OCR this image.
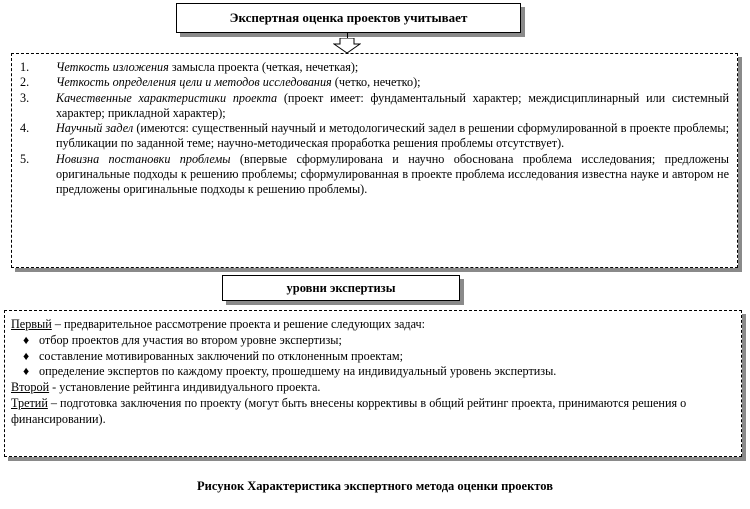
Экспертная оценка проектов учитывает
1.	Четкость изложения замысла проекта (четкая, нечеткая);
2.	Четкость определения цели и методов исследования (четко, нечетко);
3.	Качественные характеристики проекта (проект имеет: фундаментальный характер; междисциплинарный или системный характер; прикладной характер);
4.	Научный задел (имеются: существенный научный и методологический задел в решении сформулированной в проекте проблемы; публикации по заданной теме; научно-методическая проработка решения проблемы отсутствует).
5.	Новизна постановки проблемы (впервые сформулирована и научно обоснована проблема исследования; предложены оригинальные подходы к решению проблемы; сформулированная в проекте проблема исследования известна науке и автором не предложены оригинальные подходы к решению проблемы).
уровни экспертизы
Первый – предварительное рассмотрение проекта и решение следующих задач:
♦ отбор проектов для участия во втором уровне экспертизы;
♦ составление мотивированных заключений по отклоненным проектам;
♦ определение экспертов по каждому проекту, прошедшему на индивидуальный уровень экспертизы.
Второй - установление рейтинга индивидуального проекта.
Третий – подготовка заключения по проекту (могут быть внесены коррективы в общий рейтинг проекта, принимаются решения о финансировании).
Рисунок Характеристика экспертного метода оценки проектов
